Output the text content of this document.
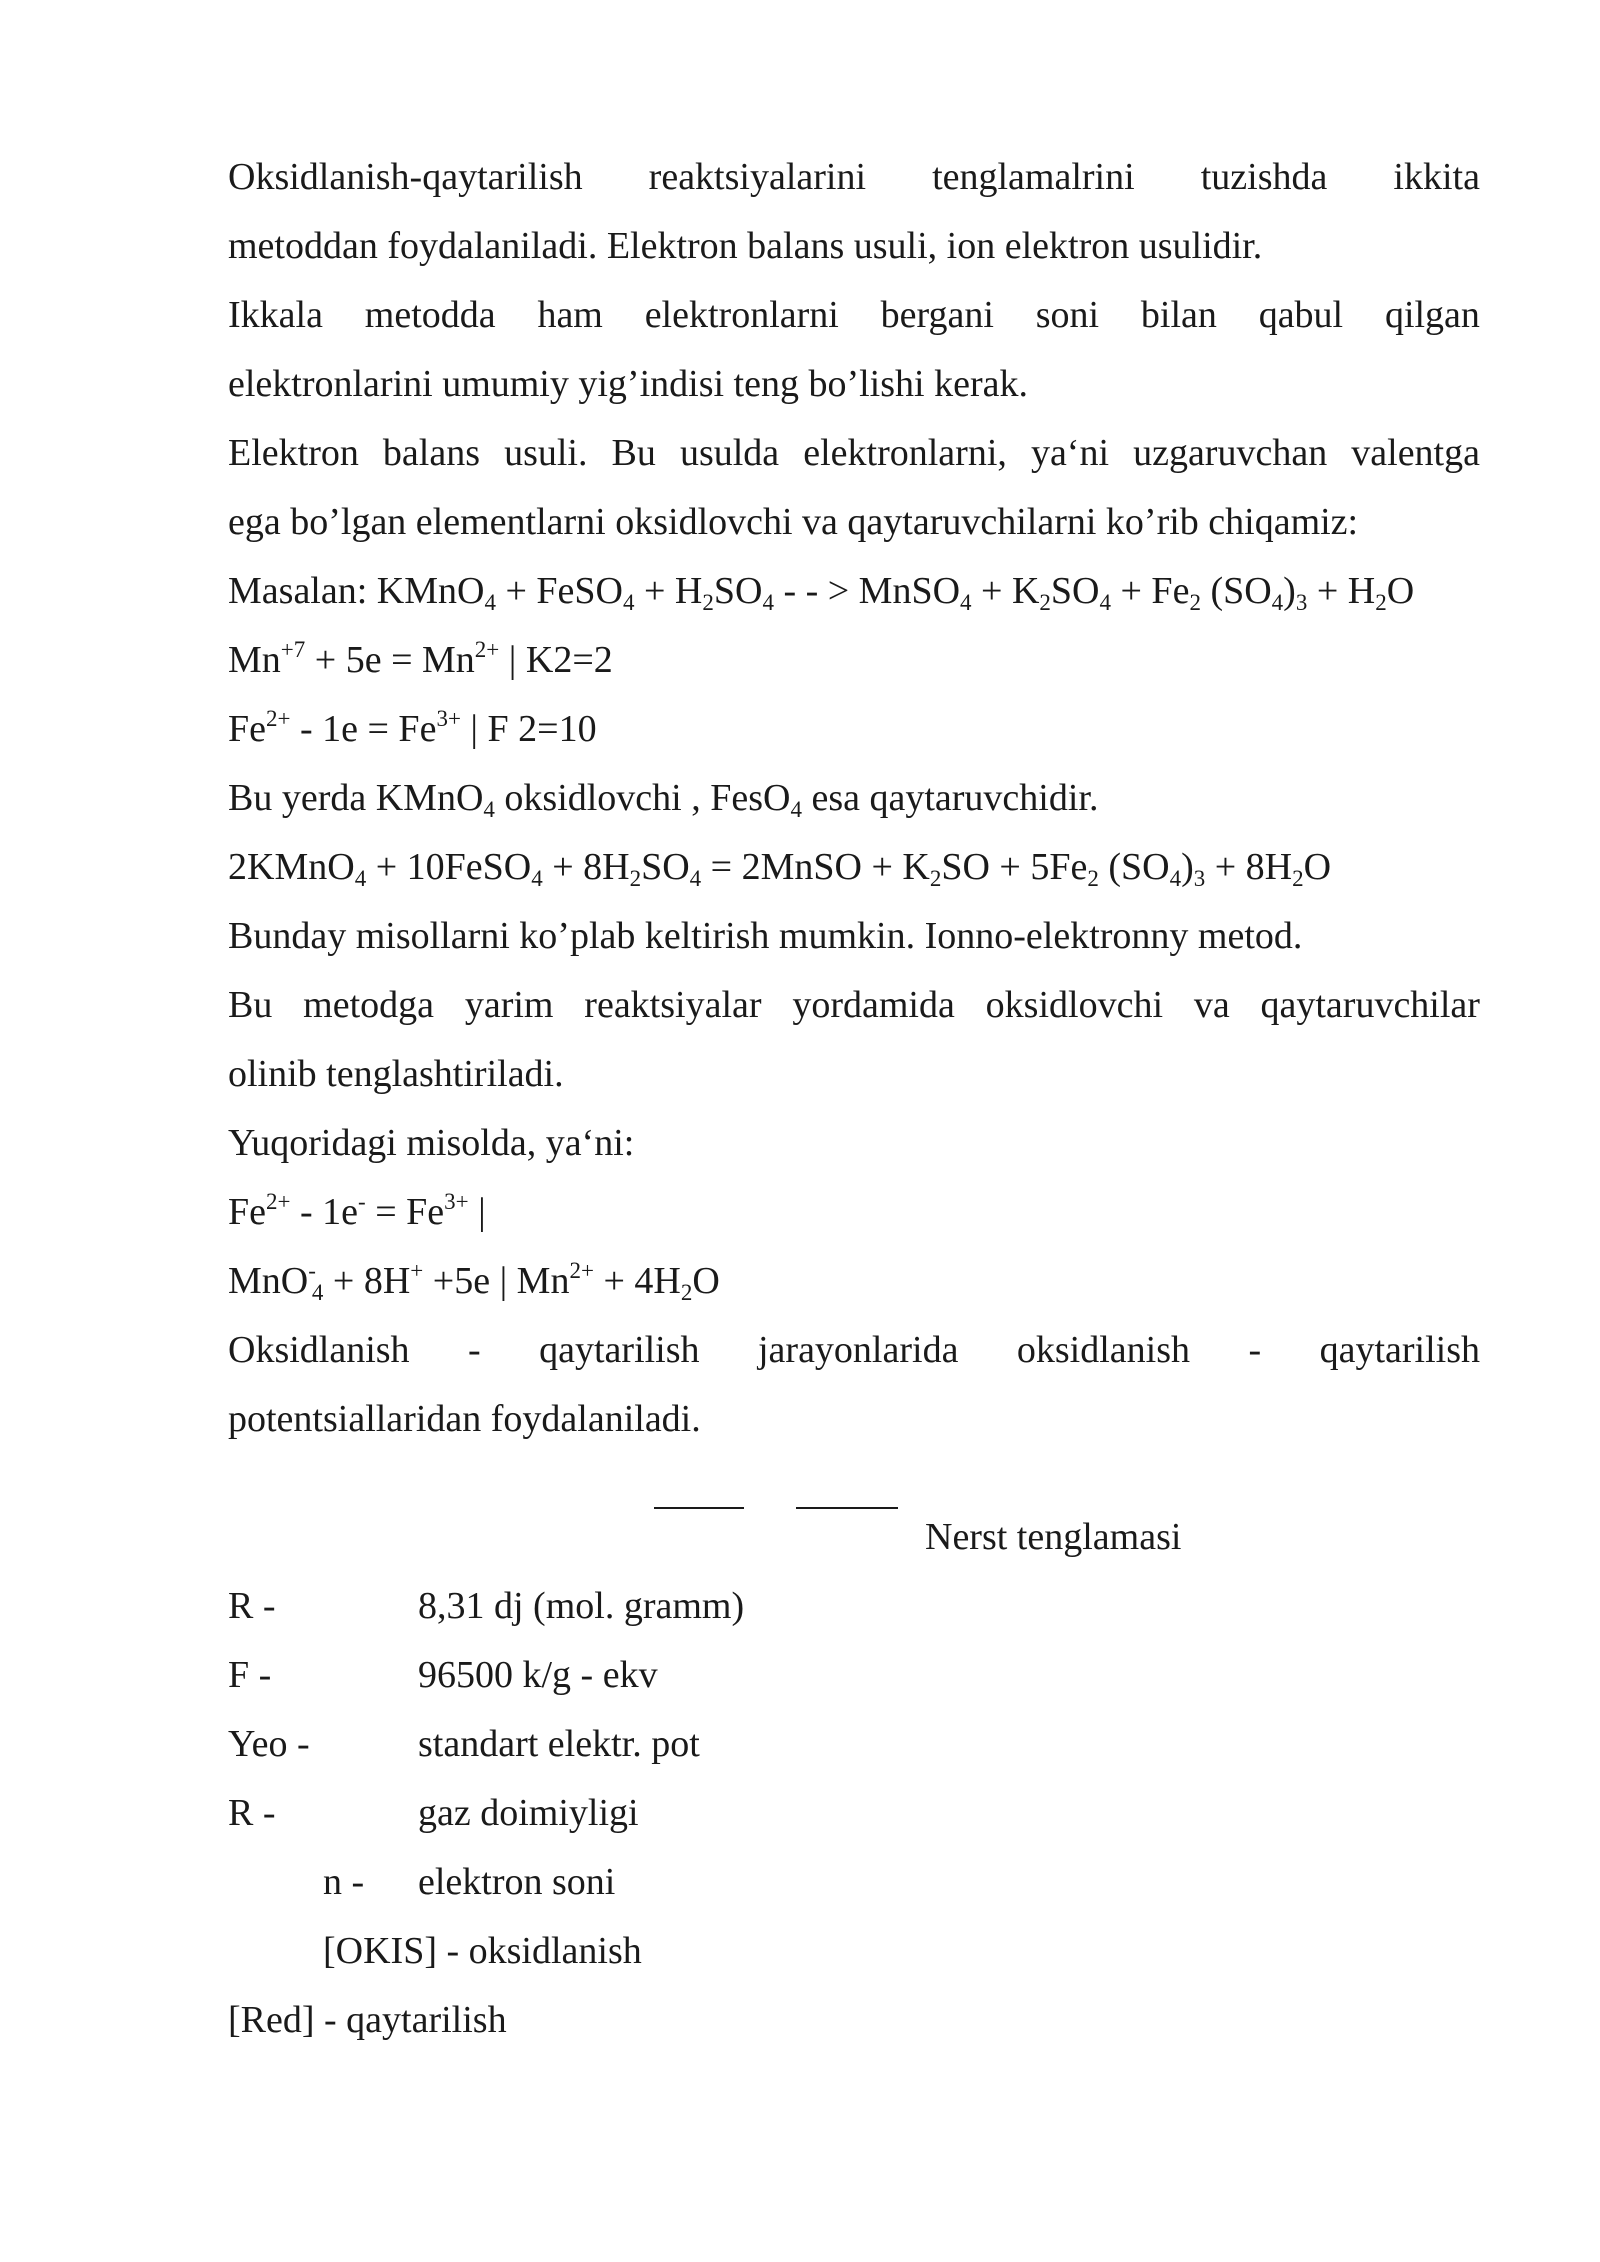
Oksidlanish-qaytarilish reaktsiyalarini tenglamalrini tuzishda ikkita
metoddan foydalaniladi. Elektron balans usuli, ion elektron usulidir.
Ikkala metodda ham elektronlarni bergani soni bilan qabul qilgan
elektronlarini umumiy yig’indisi teng bo’lishi kerak.
Elektron balans usuli. Bu usulda elektronlarni, ya‘ni uzgaruvchan valentga
ega bo’lgan elementlarni oksidlovchi va qaytaruvchilarni ko’rib chiqamiz:
Masalan: KMnO$_4$ + FeSO$_4$ + $H_2SO_4$ - - > MnSO$_4$ + $K_2SO_4 + Fe_2$ $(SO_4)_3 + H_2O$
$Mn^{+7} + 5e = Mn^{2+}$ | K2=2
$Fe^{2+} - 1e = Fe^{3+}$ | F 2=10
Bu yerda KMnO$_4$ oksidlovchi , FesO$_4$ esa qaytaruvchidir.
2KMnO$_4$ + 10FeSO$_4$ + $8H_2SO_4$ = 2MnSO + $K_2SO + 5Fe_2$ $(SO_4)_3 + 8H_2O$
Bunday misollarni ko’plab keltirish mumkin. Ionno-elektronny metod.
Bu metodga yarim reaktsiyalar yordamida oksidlovchi va qaytaruvchilar
olinib tenglashtiriladi.
Yuqoridagi misolda, ya‘ni:
$Fe^{2+} - 1e^- = Fe^{3+}$ |
MnO-$_4$ + 8H+ +5e | $Mn^{2+} + 4H_2O$
Oksidlanish - qaytarilish jarayonlarida oksidlanish - qaytarilish
potentsiallaridan foydalaniladi.
Nerst tenglamasi
R -	8,31 dj (mol. gramm)
F -	96500 k/g - ekv
Yeo -	standart elektr. pot
R -	gaz doimiyligi
n - elektron soni
[OKIS] - oksidlanish
[Red] - qaytarilish
